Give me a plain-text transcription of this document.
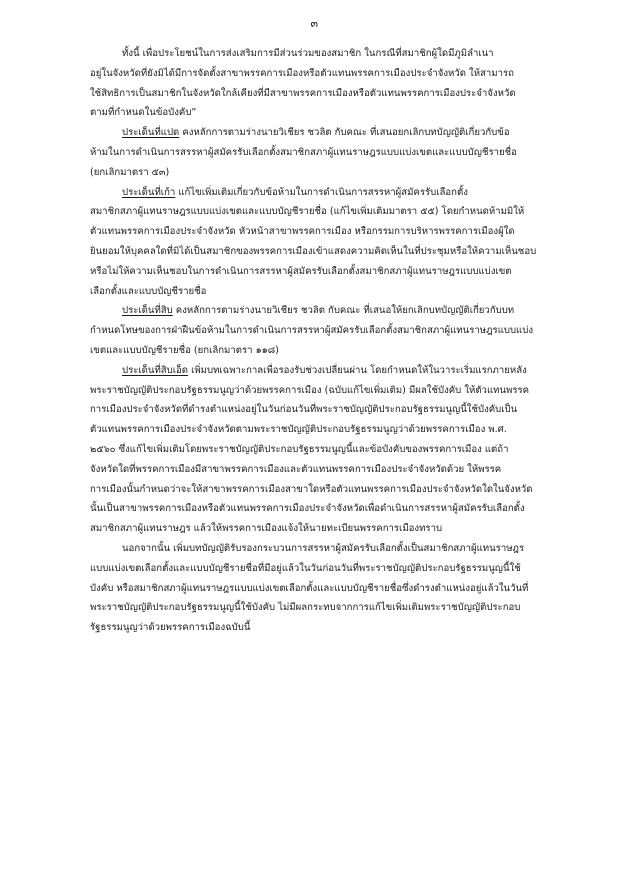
๓

ทั้งนี้ เพื่อประโยชน์ในการส่งเสริมการมีส่วนร่วมของสมาชิก ในกรณีที่สมาชิกผู้ใดมีภูมิลำเนา
อยู่ในจังหวัดที่ยังมิได้มีการจัดตั้งสาขาพรรคการเมืองหรือตัวแทนพรรคการเมืองประจำจังหวัด ให้สามารถ
ใช้สิทธิการเป็นสมาชิกในจังหวัดใกล้เคียงที่มีสาขาพรรคการเมืองหรือตัวแทนพรรคการเมืองประจำจังหวัด
ตามที่กำหนดในข้อบังคับ”

ประเด็นที่แปด คงหลักการตามร่างนายวิเชียร ชวลิต กับคณะ ที่เสนอยกเลิกบทบัญญัติเกี่ยวกับข้อ
ห้ามในการดำเนินการสรรหาผู้สมัครรับเลือกตั้งสมาชิกสภาผู้แทนราษฎรแบบแบ่งเขตและแบบบัญชีรายชื่อ
(ยกเลิกมาตรา ๕๓)

ประเด็นที่เก้า แก้ไขเพิ่มเติมเกี่ยวกับข้อห้ามในการดำเนินการสรรหาผู้สมัครรับเลือกตั้ง
สมาชิกสภาผู้แทนราษฎรแบบแบ่งเขตและแบบบัญชีรายชื่อ (แก้ไขเพิ่มเติมมาตรา ๕๕) โดยกำหนดห้ามมิให้
ตัวแทนพรรคการเมืองประจำจังหวัด หัวหน้าสาขาพรรคการเมือง หรือกรรมการบริหารพรรคการเมืองผู้ใด
ยินยอมให้บุคคลใดที่มิได้เป็นสมาชิกของพรรคการเมืองเข้าแสดงความคิดเห็นในที่ประชุมหรือให้ความเห็นชอบ
หรือไม่ให้ความเห็นชอบในการดำเนินการสรรหาผู้สมัครรับเลือกตั้งสมาชิกสภาผู้แทนราษฎรแบบแบ่งเขต
เลือกตั้งและแบบบัญชีรายชื่อ

ประเด็นที่สิบ คงหลักการตามร่างนายวิเชียร ชวลิต กับคณะ ที่เสนอให้ยกเลิกบทบัญญัติเกี่ยวกับบท
กำหนดโทษของการฝ่าฝืนข้อห้ามในการดำเนินการสรรหาผู้สมัครรับเลือกตั้งสมาชิกสภาผู้แทนราษฎรแบบแบ่ง
เขตและแบบบัญชีรายชื่อ (ยกเลิกมาตรา ๑๑๘)

ประเด็นที่สิบเอ็ด เพิ่มบทเฉพาะกาลเพื่อรองรับช่วงเปลี่ยนผ่าน โดยกำหนดให้ในวาระเริ่มแรกภายหลัง
พระราชบัญญัติประกอบรัฐธรรมนูญว่าด้วยพรรคการเมือง (ฉบับแก้ไขเพิ่มเติม) มีผลใช้บังคับ ให้ตัวแทนพรรค
การเมืองประจำจังหวัดที่ดำรงตำแหน่งอยู่ในวันก่อนวันที่พระราชบัญญัติประกอบรัฐธรรมนูญนี้ใช้บังคับเป็น
ตัวแทนพรรคการเมืองประจำจังหวัดตามพระราชบัญญัติประกอบรัฐธรรมนูญว่าด้วยพรรคการเมือง พ.ศ.
๒๕๖๐ ซึ่งแก้ไขเพิ่มเติมโดยพระราชบัญญัติประกอบรัฐธรรมนูญนี้และข้อบังคับของพรรคการเมือง แต่ถ้า
จังหวัดใดที่พรรคการเมืองมีสาขาพรรคการเมืองและตัวแทนพรรคการเมืองประจำจังหวัดด้วย ให้พรรค
การเมืองนั้นกำหนดว่าจะให้สาขาพรรคการเมืองสาขาใดหรือตัวแทนพรรคการเมืองประจำจังหวัดใดในจังหวัด
นั้นเป็นสาขาพรรคการเมืองหรือตัวแทนพรรคการเมืองประจำจังหวัดเพื่อดำเนินการสรรหาผู้สมัครรับเลือกตั้ง
สมาชิกสภาผู้แทนราษฎร แล้วให้พรรคการเมืองแจ้งให้นายทะเบียนพรรคการเมืองทราบ

นอกจากนั้น เพิ่มบทบัญญัติรับรองกระบวนการสรรหาผู้สมัครรับเลือกตั้งเป็นสมาชิกสภาผู้แทนราษฎร
แบบแบ่งเขตเลือกตั้งและแบบบัญชีรายชื่อที่มีอยู่แล้วในวันก่อนวันที่พระราชบัญญัติประกอบรัฐธรรมนูญนี้ใช้
บังคับ หรือสมาชิกสภาผู้แทนราษฎรแบบแบ่งเขตเลือกตั้งและแบบบัญชีรายชื่อซึ่งดำรงตำแหน่งอยู่แล้วในวันที่
พระราชบัญญัติประกอบรัฐธรรมนูญนี้ใช้บังคับ ไม่มีผลกระทบจากการแก้ไขเพิ่มเติมพระราชบัญญัติประกอบ
รัฐธรรมนูญว่าด้วยพรรคการเมืองฉบับนี้
